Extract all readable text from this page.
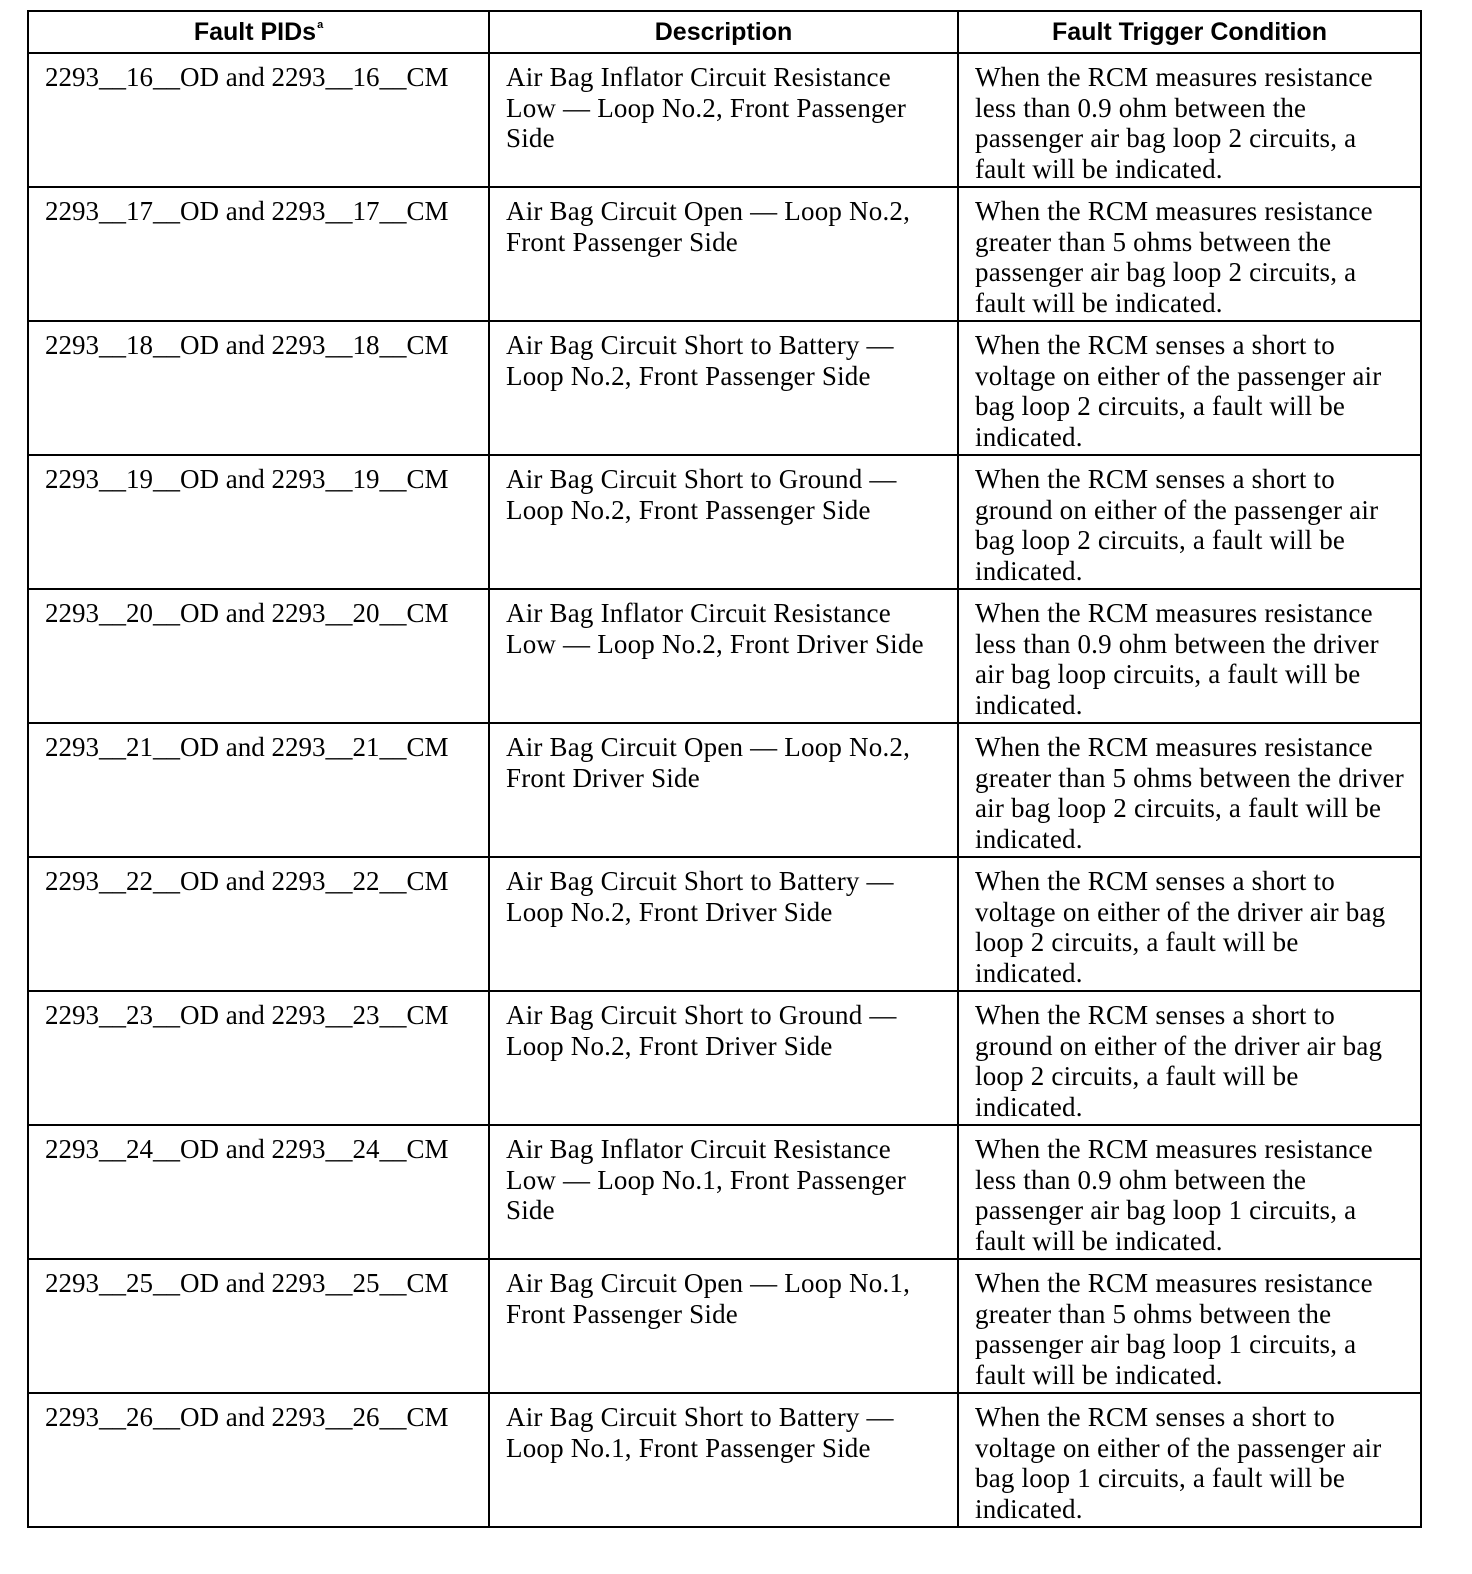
Fault PIDs$^a$	Description	Fault Trigger Condition
2293__16__OD and 2293__16__CM	Air Bag Inflator Circuit Resistance Low — Loop No.2, Front Passenger Side	When the RCM measures resistance less than 0.9 ohm between the passenger air bag loop 2 circuits, a fault will be indicated.
2293__17__OD and 2293__17__CM	Air Bag Circuit Open — Loop No.2, Front Passenger Side	When the RCM measures resistance greater than 5 ohms between the passenger air bag loop 2 circuits, a fault will be indicated.
2293__18__OD and 2293__18__CM	Air Bag Circuit Short to Battery — Loop No.2, Front Passenger Side	When the RCM senses a short to voltage on either of the passenger air bag loop 2 circuits, a fault will be indicated.
2293__19__OD and 2293__19__CM	Air Bag Circuit Short to Ground — Loop No.2, Front Passenger Side	When the RCM senses a short to ground on either of the passenger air bag loop 2 circuits, a fault will be indicated.
2293__20__OD and 2293__20__CM	Air Bag Inflator Circuit Resistance Low — Loop No.2, Front Driver Side	When the RCM measures resistance less than 0.9 ohm between the driver air bag loop circuits, a fault will be indicated.
2293__21__OD and 2293__21__CM	Air Bag Circuit Open — Loop No.2, Front Driver Side	When the RCM measures resistance greater than 5 ohms between the driver air bag loop 2 circuits, a fault will be indicated.
2293__22__OD and 2293__22__CM	Air Bag Circuit Short to Battery — Loop No.2, Front Driver Side	When the RCM senses a short to voltage on either of the driver air bag loop 2 circuits, a fault will be indicated.
2293__23__OD and 2293__23__CM	Air Bag Circuit Short to Ground — Loop No.2, Front Driver Side	When the RCM senses a short to ground on either of the driver air bag loop 2 circuits, a fault will be indicated.
2293__24__OD and 2293__24__CM	Air Bag Inflator Circuit Resistance Low — Loop No.1, Front Passenger Side	When the RCM measures resistance less than 0.9 ohm between the passenger air bag loop 1 circuits, a fault will be indicated.
2293__25__OD and 2293__25__CM	Air Bag Circuit Open — Loop No.1, Front Passenger Side	When the RCM measures resistance greater than 5 ohms between the passenger air bag loop 1 circuits, a fault will be indicated.
2293__26__OD and 2293__26__CM	Air Bag Circuit Short to Battery — Loop No.1, Front Passenger Side	When the RCM senses a short to voltage on either of the passenger air bag loop 1 circuits, a fault will be indicated.
